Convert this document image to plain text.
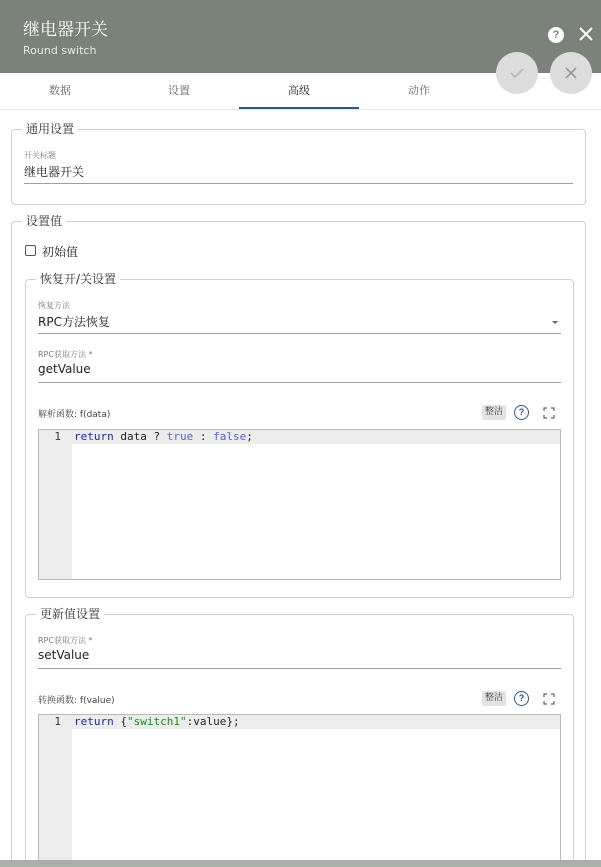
继电器开关
Round switch
?
数据	设置	高级	动作
通用设置
开关标题
继电器开关
设置值
初始值
恢复开/关设置
恢复方法
RPC方法恢复
RPC获取方法 *
getValue
解析函数: f(data)	整洁	?
1 return data ? true : false;
更新值设置
RPC获取方法 *
setValue
转换函数: f(value)	整洁	?
1 return {"switch1":value};
